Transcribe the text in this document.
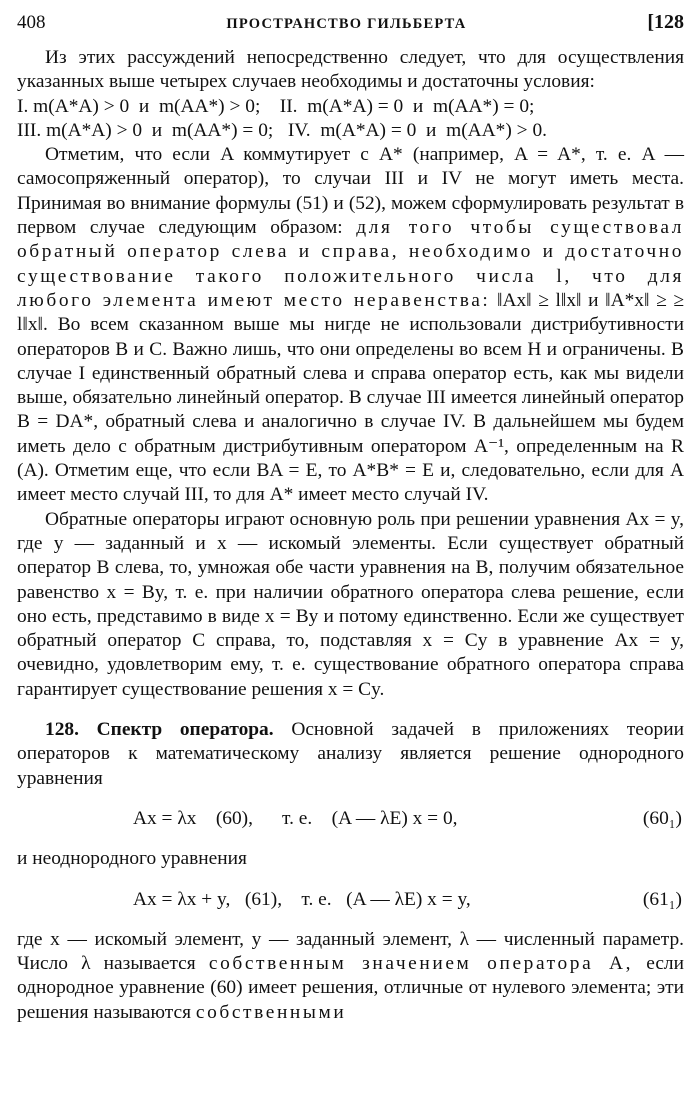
408	ПРОСТРАНСТВО ГИЛЬБЕРТА	[128

Из этих рассуждений непосредственно следует, что для осуществления указанных выше четырех случаев необходимы и достаточны условия:

I. m(A*A) > 0  и  m(AA*) > 0;    II.  m(A*A) = 0  и  m(AA*) = 0;
III. m(A*A) > 0  и  m(AA*) = 0;   IV.  m(A*A) = 0  и  m(AA*) > 0.

Отметим, что если A коммутирует с A* (например, A = A*, т. е. A — самосопряженный оператор), то случаи III и IV не могут иметь места. Принимая во внимание формулы (51) и (52), можем сформулировать результат в первом случае следующим образом: для того чтобы существовал обратный оператор слева и справа, необходимо и достаточно существование такого положительного числа l, что для любого элемента имеют место неравенства: ‖Ax‖ ≥ l‖x‖ и ‖A*x‖ ≥ ≥ l‖x‖. Во всем сказанном выше мы нигде не использовали дистрибутивности операторов B и C. Важно лишь, что они определены во всем H и ограничены. В случае I единственный обратный слева и справа оператор есть, как мы видели выше, обязательно линейный оператор. В случае III имеется линейный оператор B = DA*, обратный слева и аналогично в случае IV. В дальнейшем мы будем иметь дело с обратным дистрибутивным оператором A⁻¹, определенным на R (A). Отметим еще, что если BA = E, то A*B* = E и, следовательно, если для A имеет место случай III, то для A* имеет место случай IV.

Обратные операторы играют основную роль при решении уравнения Ax = y, где y — заданный и x — искомый элементы. Если существует обратный оператор B слева, то, умножая обе части уравнения на B, получим обязательное равенство x = By, т. е. при наличии обратного оператора слева решение, если оно есть, представимо в виде x = By и потому единственно. Если же существует обратный оператор C справа, то, подставляя x = Cy в уравнение Ax = y, очевидно, удовлетворим ему, т. е. существование обратного оператора справа гарантирует существование решения x = Cy.

128. Спектр оператора. Основной задачей в приложениях теории операторов к математическому анализу является решение однородного уравнения

Ax = λx    (60),      т. е.    (A — λE) x = 0,	(60₁)

и неоднородного уравнения

Ax = λx + y,   (61),    т. е.   (A — λE) x = y,	(61₁)

где x — искомый элемент, y — заданный элемент, λ — численный параметр. Число λ называется собственным значением оператора A, если однородное уравнение (60) имеет решения, отличные от нулевого элемента; эти решения называются собственными
